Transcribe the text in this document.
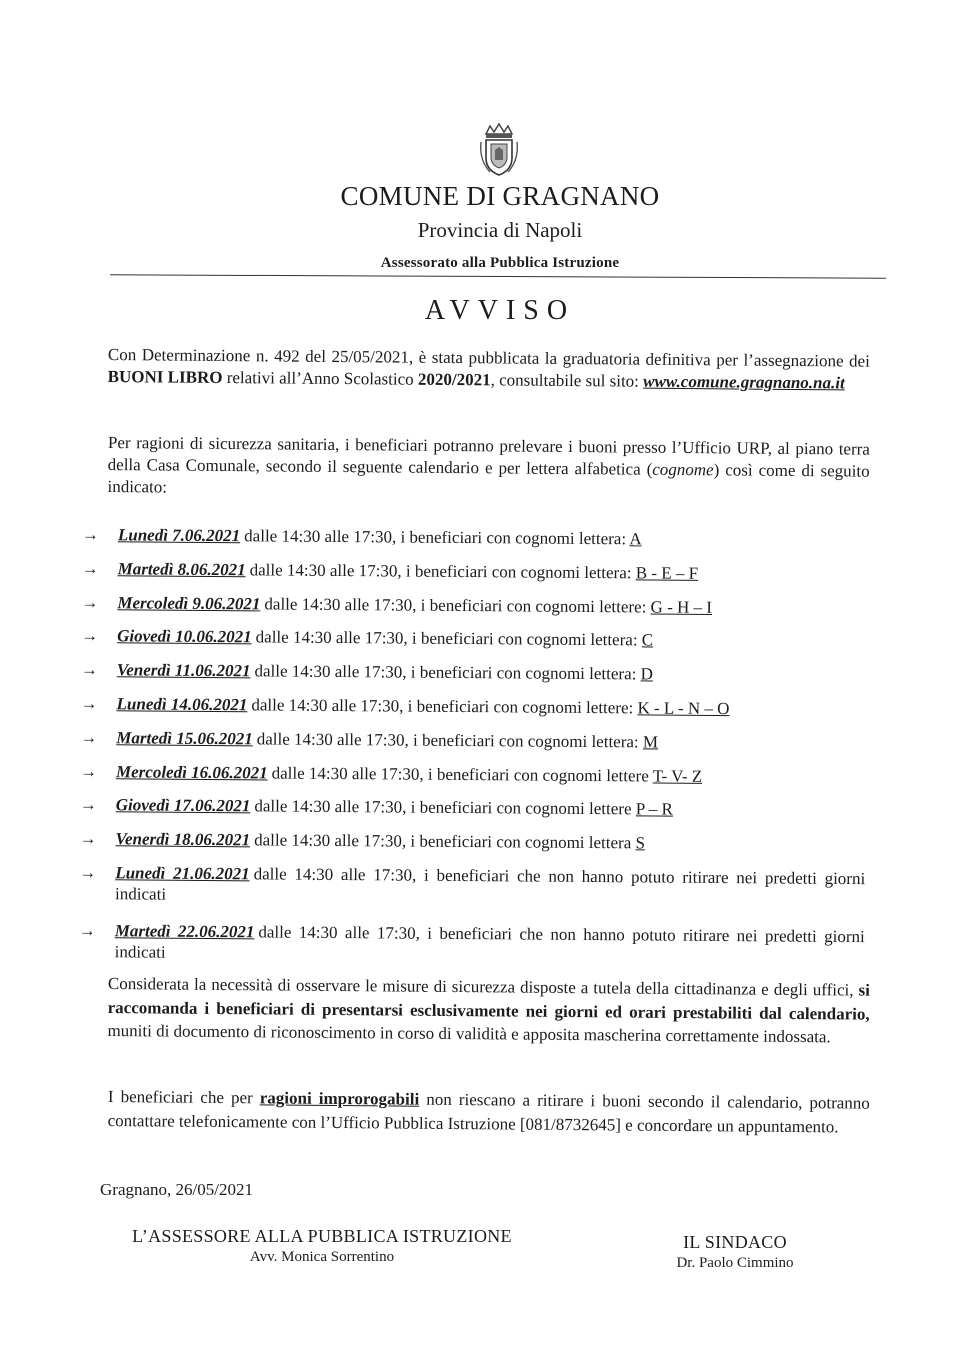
COMUNE DI GRAGNANO
Provincia di Napoli
Assessorato alla Pubblica Istruzione
AVVISO
Con Determinazione n. 492 del 25/05/2021, è stata pubblicata la graduatoria definitiva per l’assegnazione dei BUONI LIBRO relativi all’Anno Scolastico 2020/2021, consultabile sul sito: www.comune.gragnano.na.it
Per ragioni di sicurezza sanitaria, i beneficiari potranno prelevare i buoni presso l’Ufficio URP, al piano terra della Casa Comunale, secondo il seguente calendario e per lettera alfabetica (cognome) così come di seguito indicato:
→ Lunedì 7.06.2021 dalle 14:30 alle 17:30, i beneficiari con cognomi lettera: A
→ Martedì 8.06.2021 dalle 14:30 alle 17:30, i beneficiari con cognomi lettera: B - E – F
→ Mercoledì 9.06.2021 dalle 14:30 alle 17:30, i beneficiari con cognomi lettere: G - H – I
→ Giovedì 10.06.2021 dalle 14:30 alle 17:30, i beneficiari con cognomi lettera: C
→ Venerdì 11.06.2021 dalle 14:30 alle 17:30, i beneficiari con cognomi lettera: D
→ Lunedì 14.06.2021 dalle 14:30 alle 17:30, i beneficiari con cognomi lettere: K - L - N – O
→ Martedì 15.06.2021 dalle 14:30 alle 17:30, i beneficiari con cognomi lettera: M
→ Mercoledì 16.06.2021 dalle 14:30 alle 17:30, i beneficiari con cognomi lettere T- V- Z
→ Giovedì 17.06.2021 dalle 14:30 alle 17:30, i beneficiari con cognomi lettere P – R
→ Venerdì 18.06.2021 dalle 14:30 alle 17:30, i beneficiari con cognomi lettera S
→ Lunedì 21.06.2021 dalle 14:30 alle 17:30, i beneficiari che non hanno potuto ritirare nei predetti giorni indicati
→ Martedì 22.06.2021 dalle 14:30 alle 17:30, i beneficiari che non hanno potuto ritirare nei predetti giorni indicati
Considerata la necessità di osservare le misure di sicurezza disposte a tutela della cittadinanza e degli uffici, si raccomanda i beneficiari di presentarsi esclusivamente nei giorni ed orari prestabiliti dal calendario, muniti di documento di riconoscimento in corso di validità e apposita mascherina correttamente indossata.
I beneficiari che per ragioni improrogabili non riescano a ritirare i buoni secondo il calendario, potranno contattare telefonicamente con l’Ufficio Pubblica Istruzione [081/8732645] e concordare un appuntamento.
Gragnano, 26/05/2021
L’ASSESSORE ALLA PUBBLICA ISTRUZIONE
Avv. Monica Sorrentino
IL SINDACO
Dr. Paolo Cimmino
